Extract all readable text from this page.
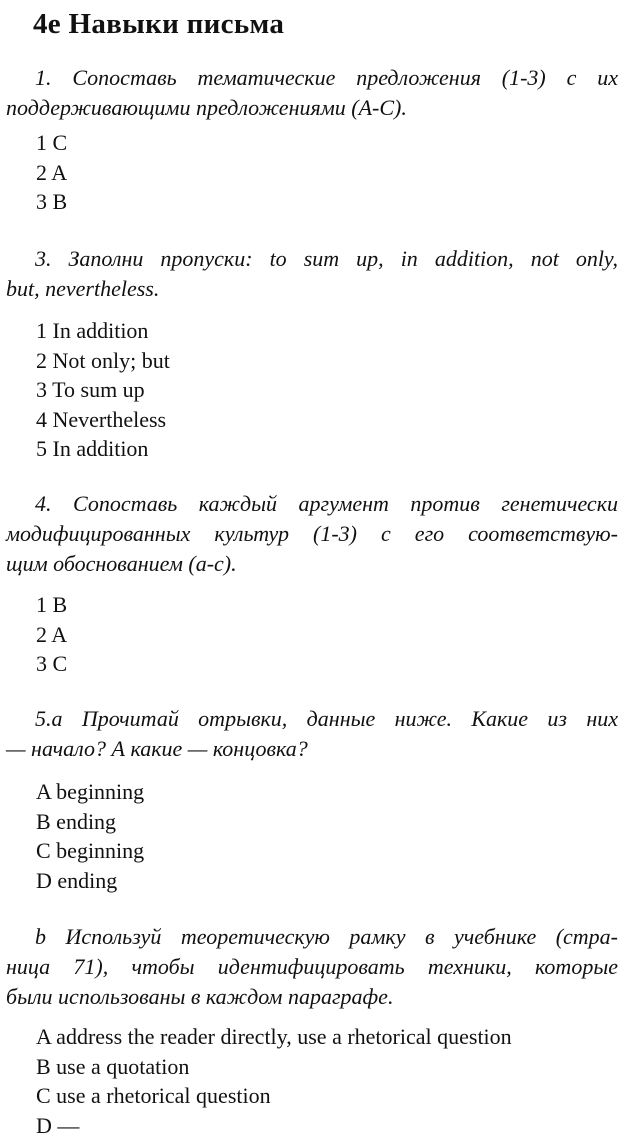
4e Навыки письма
1. Сопоставь тематические предложения (1-3) с их
поддерживающими предложениями (A-C).
1 C
2 A
3 B
3. Заполни пропуски: to sum up, in addition, not only,
but, nevertheless.
1 In addition
2 Not only; but
3 To sum up
4 Nevertheless
5 In addition
4. Сопоставь каждый аргумент против генетически
модифицированных культур (1-3) с его соответствую-
щим обоснованием (a-c).
1 B
2 A
3 C
5.a Прочитай отрывки, данные ниже. Какие из них
— начало? А какие — концовка?
A beginning
B ending
C beginning
D ending
b Используй теоретическую рамку в учебнике (стра-
ница 71), чтобы идентифицировать техники, которые
были использованы в каждом параграфе.
A address the reader directly, use a rhetorical question
B use a quotation
C use a rhetorical question
D —
